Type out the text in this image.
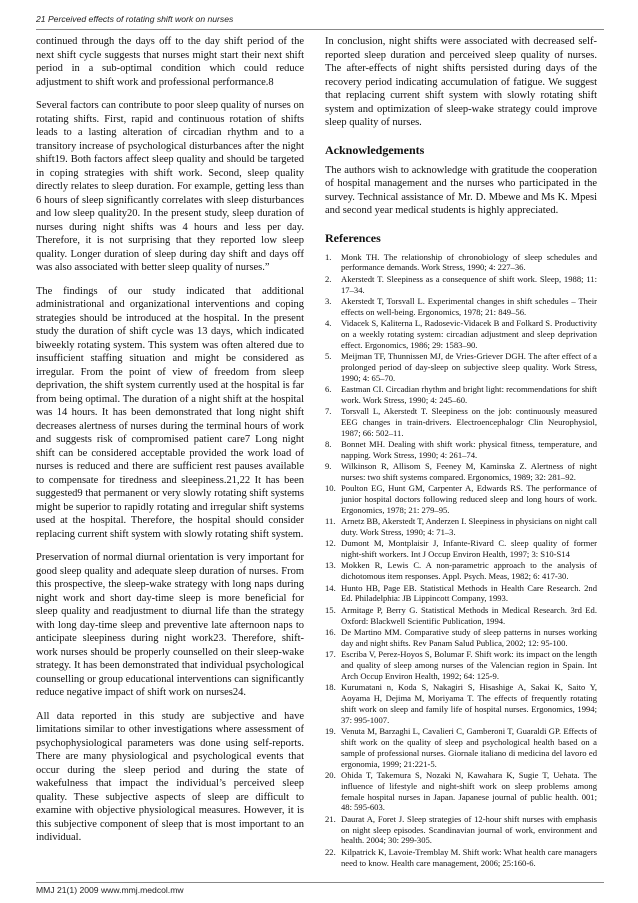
21 Perceived effects of rotating shift work on nurses

continued through the days off to the day shift period of the next shift cycle suggests that nurses might start their next shift period in a sub-optimal condition which could reduce adjustment to shift work and professional performance.8

Several factors can contribute to poor sleep quality of nurses on rotating shifts. First, rapid and continuous rotation of shifts leads to a lasting alteration of circadian rhythm and to a transitory increase of psychological disturbances after the night shift19. Both factors affect sleep quality and should be targeted in coping strategies with shift work. Second, sleep quality directly relates to sleep duration. For example, getting less than 6 hours of sleep significantly correlates with sleep disturbances and low sleep quality20. In the present study, sleep duration of nurses during night shifts was 4 hours and less per day. Therefore, it is not surprising that they reported low sleep quality. Longer duration of sleep during day shift and days off was also associated with better sleep quality of nurses.”

The findings of our study indicated that additional administrational and organizational interventions and coping strategies should be introduced at the hospital. In the present study the duration of shift cycle was 13 days, which indicated biweekly rotating system. This system was often altered due to insufficient staffing situation and might be considered as irregular. From the point of view of freedom from sleep deprivation, the shift system currently used at the hospital is far from being optimal. The duration of a night shift at the hospital was 14 hours. It has been demonstrated that long night shift decreases alertness of nurses during the terminal hours of work and suggests risk of compromised patient care7 Long night shift can be considered acceptable provided the work load of nurses is reduced and there are sufficient rest pauses available to compensate for tiredness and sleepiness.21,22 It has been suggested9 that permanent or very slowly rotating shift systems might be superior to rapidly rotating and irregular shift systems used at the hospital. Therefore, the hospital should consider replacing current shift system with slowly rotating shift system.

Preservation of normal diurnal orientation is very important for good sleep quality and adequate sleep duration of nurses. From this prospective, the sleep-wake strategy with long naps during night work and short day-time sleep is more beneficial for sleep quality and readjustment to diurnal life than the strategy with long day-time sleep and preventive late afternoon naps to anticipate sleepiness during night work23. Therefore, shift-work nurses should be properly counselled on their sleep-wake strategy. It has been demonstrated that individual psychological counselling or group educational interventions can significantly reduce negative impact of shift work on nurses24.

All data reported in this study are subjective and have limitations similar to other investigations where assessment of psychophysiological parameters was done using self-reports. There are many physiological and psychological events that occur during the sleep period and during the state of wakefulness that impact the individual’s perceived sleep quality. These subjective aspects of sleep are difficult to examine with objective physiological measures. However, it is this subjective component of sleep that is most important to an individual.

In conclusion, night shifts were associated with decreased self-reported sleep duration and perceived sleep quality of nurses. The after-effects of night shifts persisted during days of the recovery period indicating accumulation of fatigue. We suggest that replacing current shift system with slowly rotating shift system and optimization of sleep-wake strategy could improve sleep quality of nurses.

Acknowledgements

The authors wish to acknowledge with gratitude the cooperation of hospital management and the nurses who participated in the survey. Technical assistance of Mr. D. Mbewe and Ms K. Mpesi and second year medical students is highly appreciated.

References
1.	Monk TH. The relationship of chronobiology of sleep schedules and performance demands. Work Stress, 1990; 4: 227–36.
2.	Akerstedt T. Sleepiness as a consequence of shift work. Sleep, 1988; 11: 17–34.
3.	Akerstedt T, Torsvall L. Experimental changes in shift schedules – Their effects on well-being. Ergonomics, 1978; 21: 849–56.
4.	Vidacek S, Kaliterna L, Radosevic-Vidacek B and Folkard S. Productivity on a weekly rotating system: circadian adjustment and sleep deprivation effect. Ergonomics, 1986; 29: 1583–90.
5.	Meijman TF, Thunnissen MJ, de Vries-Griever DGH. The after effect of a prolonged period of day-sleep on subjective sleep quality. Work Stress, 1990; 4: 65–70.
6.	Eastman CI. Circadian rhythm and bright light: recommendations for shift work. Work Stress, 1990; 4: 245–60.
7.	Torsvall L, Akerstedt T. Sleepiness on the job: continuously measured EEG changes in train-drivers. Electroencephalogr Clin Neurophysiol, 1987; 66: 502–11.
8.	Bonnet MH. Dealing with shift work: physical fitness, temperature, and napping. Work Stress, 1990; 4: 261–74.
9.	Wilkinson R, Allisom S, Feeney M, Kaminska Z. Alertness of night nurses: two shift systems compared. Ergonomics, 1989; 32: 281–92.
10. Poulton EG, Hunt GM, Carpenter A, Edwards RS. The performance of junior hospital doctors following reduced sleep and long hours of work. Ergonomics, 1978; 21: 279–95.
11. Arnetz BB, Akerstedt T, Anderzen I. Sleepiness in physicians on night call duty. Work Stress, 1990; 4: 71–3.
12. Dumont M, Montplaisir J, Infante-Rivard C. sleep quality of former night-shift workers. Int J Occup Environ Health, 1997; 3: S10-S14
13. Mokken R, Lewis C. A non-parametric approach to the analysis of dichotomous item responses. Appl. Psych. Meas, 1982; 6: 417-30.
14. Hunto HB, Page EB. Statistical Methods in Health Care Research. 2nd Ed. Philadelphia: JB Lippincott Company, 1993.
15. Armitage P, Berry G. Statistical Methods in Medical Research. 3rd Ed. Oxford: Blackwell Scientific Publication, 1994.
16. De Martino MM. Comparative study of sleep patterns in nurses working day and night shifts. Rev Panam Salud Publica, 2002; 12: 95-100.
17. Escriba V, Perez-Hoyos S, Bolumar F. Shift work: its impact on the length and quality of sleep among nurses of the Valencian region in Spain. Int Arch Occup Environ Health, 1992; 64: 125-9.
18. Kurumatani n, Koda S, Nakagiri S, Hisashige A, Sakai K, Saito Y, Aoyama H, Dejima M, Moriyama T. The effects of frequently rotating shift work on sleep and family life of hospital nurses. Ergonomics, 1994; 37: 995-1007.
19. Venuta M, Barzaghi L, Cavalieri C, Gamberoni T, Guaraldi GP. Effects of shift work on the quality of sleep and psychological health based on a sample of professional nurses. Giornale italiano di medicina del lavoro ed ergonomia, 1999; 21:221-5.
20. Ohida T, Takemura S, Nozaki N, Kawahara K, Sugie T, Uehata. The influence of lifestyle and night-shift work on sleep problems among female hospital nurses in Japan. Japanese journal of public health. 001; 48: 595-603.
21. Daurat A, Foret J. Sleep strategies of 12-hour shift nurses with emphasis on night sleep episodes. Scandinavian journal of work, environment and health. 2004; 30: 299-305.
22. Kilpatrick K, Lavoie-Tremblay M. Shift work: What health care managers need to know. Health care management, 2006; 25:160-6.
MMJ 21(1) 2009 www.mmj.medcol.mw
